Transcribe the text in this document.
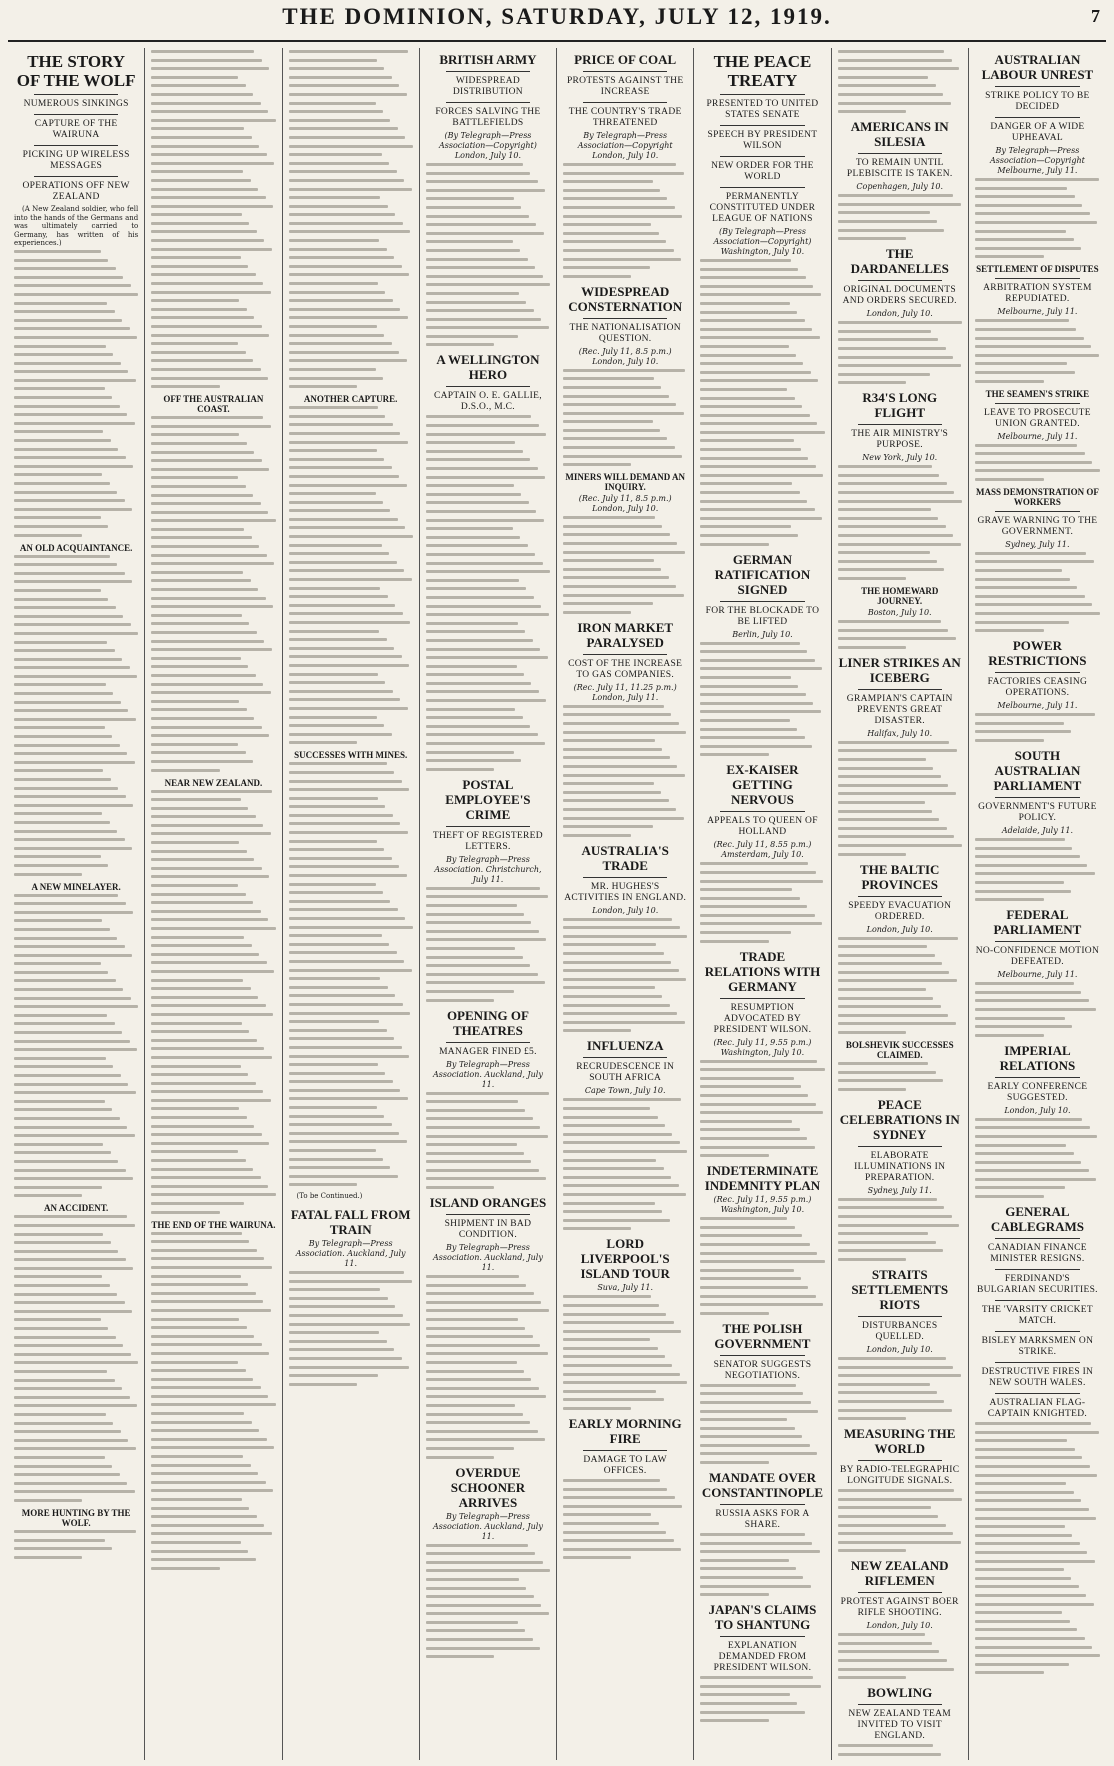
THE DOMINION, SATURDAY, JULY 12, 1919.	7
THE STORY OF THE WOLF
NUMEROUS SINKINGS
CAPTURE OF THE WAIRUNA
PICKING UP WIRELESS MESSAGES
OPERATIONS OFF NEW ZEALAND
(A New Zealand soldier, who fell into the hands of the Germans and was ultimately carried to Germany, has written of his experiences.)
AN OLD ACQUAINTANCE.
A NEW MINELAYER.
AN ACCIDENT.
MORE HUNTING BY THE WOLF.
OFF THE AUSTRALIAN COAST.
NEAR NEW ZEALAND.
THE END OF THE WAIRUNA.
ANOTHER CAPTURE.
SUCCESSES WITH MINES.
(To be Continued.)
FATAL FALL FROM TRAIN
By Telegraph—Press Association. Auckland, July 11.
BRITISH ARMY
WIDESPREAD DISTRIBUTION
FORCES SALVING THE BATTLEFIELDS
(By Telegraph—Press Association—Copyright) London, July 10.
A WELLINGTON HERO
CAPTAIN O. E. GALLIE, D.S.O., M.C.
POSTAL EMPLOYEE'S CRIME
THEFT OF REGISTERED LETTERS.
By Telegraph—Press Association. Christchurch, July 11.
OPENING OF THEATRES
MANAGER FINED £5.
By Telegraph—Press Association. Auckland, July 11.
ISLAND ORANGES
SHIPMENT IN BAD CONDITION.
By Telegraph—Press Association. Auckland, July 11.
OVERDUE SCHOONER ARRIVES
By Telegraph—Press Association. Auckland, July 11.
PRICE OF COAL
PROTESTS AGAINST THE INCREASE
THE COUNTRY'S TRADE THREATENED
By Telegraph—Press Association—Copyright London, July 10.
WIDESPREAD CONSTERNATION
THE NATIONALISATION QUESTION.
(Rec. July 11, 8.5 p.m.) London, July 10.
MINERS WILL DEMAND AN INQUIRY.
(Rec. July 11, 8.5 p.m.) London, July 10.
IRON MARKET PARALYSED
COST OF THE INCREASE TO GAS COMPANIES.
(Rec. July 11, 11.25 p.m.) London, July 11.
AUSTRALIA'S TRADE
MR. HUGHES'S ACTIVITIES IN ENGLAND.
London, July 10.
INFLUENZA
RECRUDESCENCE IN SOUTH AFRICA
Cape Town, July 10.
LORD LIVERPOOL'S ISLAND TOUR
Suva, July 11.
EARLY MORNING FIRE
DAMAGE TO LAW OFFICES.
THE PEACE TREATY
PRESENTED TO UNITED STATES SENATE
SPEECH BY PRESIDENT WILSON
NEW ORDER FOR THE WORLD
PERMANENTLY CONSTITUTED UNDER LEAGUE OF NATIONS
(By Telegraph—Press Association—Copyright) Washington, July 10.
GERMAN RATIFICATION SIGNED
FOR THE BLOCKADE TO BE LIFTED
Berlin, July 10.
EX-KAISER GETTING NERVOUS
APPEALS TO QUEEN OF HOLLAND
(Rec. July 11, 8.55 p.m.) Amsterdam, July 10.
TRADE RELATIONS WITH GERMANY
RESUMPTION ADVOCATED BY PRESIDENT WILSON.
(Rec. July 11, 9.55 p.m.) Washington, July 10.
INDETERMINATE INDEMNITY PLAN
(Rec. July 11, 9.55 p.m.) Washington, July 10.
THE POLISH GOVERNMENT
SENATOR SUGGESTS NEGOTIATIONS.
MANDATE OVER CONSTANTINOPLE
RUSSIA ASKS FOR A SHARE.
JAPAN'S CLAIMS TO SHANTUNG
EXPLANATION DEMANDED FROM PRESIDENT WILSON.
AMERICANS IN SILESIA
TO REMAIN UNTIL PLEBISCITE IS TAKEN.
Copenhagen, July 10.
THE DARDANELLES
ORIGINAL DOCUMENTS AND ORDERS SECURED.
London, July 10.
R34'S LONG FLIGHT
THE AIR MINISTRY'S PURPOSE.
New York, July 10.
THE HOMEWARD JOURNEY.
Boston, July 10.
LINER STRIKES AN ICEBERG
GRAMPIAN'S CAPTAIN PREVENTS GREAT DISASTER.
Halifax, July 10.
THE BALTIC PROVINCES
SPEEDY EVACUATION ORDERED.
London, July 10.
BOLSHEVIK SUCCESSES CLAIMED.
PEACE CELEBRATIONS IN SYDNEY
ELABORATE ILLUMINATIONS IN PREPARATION.
Sydney, July 11.
STRAITS SETTLEMENTS RIOTS
DISTURBANCES QUELLED.
London, July 10.
MEASURING THE WORLD
BY RADIO-TELEGRAPHIC LONGITUDE SIGNALS.
NEW ZEALAND RIFLEMEN
PROTEST AGAINST BOER RIFLE SHOOTING.
London, July 10.
BOWLING
NEW ZEALAND TEAM INVITED TO VISIT ENGLAND.
AUSTRALIAN LABOUR UNREST
STRIKE POLICY TO BE DECIDED
DANGER OF A WIDE UPHEAVAL
By Telegraph—Press Association—Copyright Melbourne, July 11.
SETTLEMENT OF DISPUTES
ARBITRATION SYSTEM REPUDIATED.
Melbourne, July 11.
THE SEAMEN'S STRIKE
LEAVE TO PROSECUTE UNION GRANTED.
Melbourne, July 11.
MASS DEMONSTRATION OF WORKERS
GRAVE WARNING TO THE GOVERNMENT.
Sydney, July 11.
POWER RESTRICTIONS
FACTORIES CEASING OPERATIONS.
Melbourne, July 11.
SOUTH AUSTRALIAN PARLIAMENT
GOVERNMENT'S FUTURE POLICY.
Adelaide, July 11.
FEDERAL PARLIAMENT
NO-CONFIDENCE MOTION DEFEATED.
Melbourne, July 11.
IMPERIAL RELATIONS
EARLY CONFERENCE SUGGESTED.
London, July 10.
GENERAL CABLEGRAMS
CANADIAN FINANCE MINISTER RESIGNS.
FERDINAND'S BULGARIAN SECURITIES.
THE 'VARSITY CRICKET MATCH.
BISLEY MARKSMEN ON STRIKE.
DESTRUCTIVE FIRES IN NEW SOUTH WALES.
AUSTRALIAN FLAG-CAPTAIN KNIGHTED.
